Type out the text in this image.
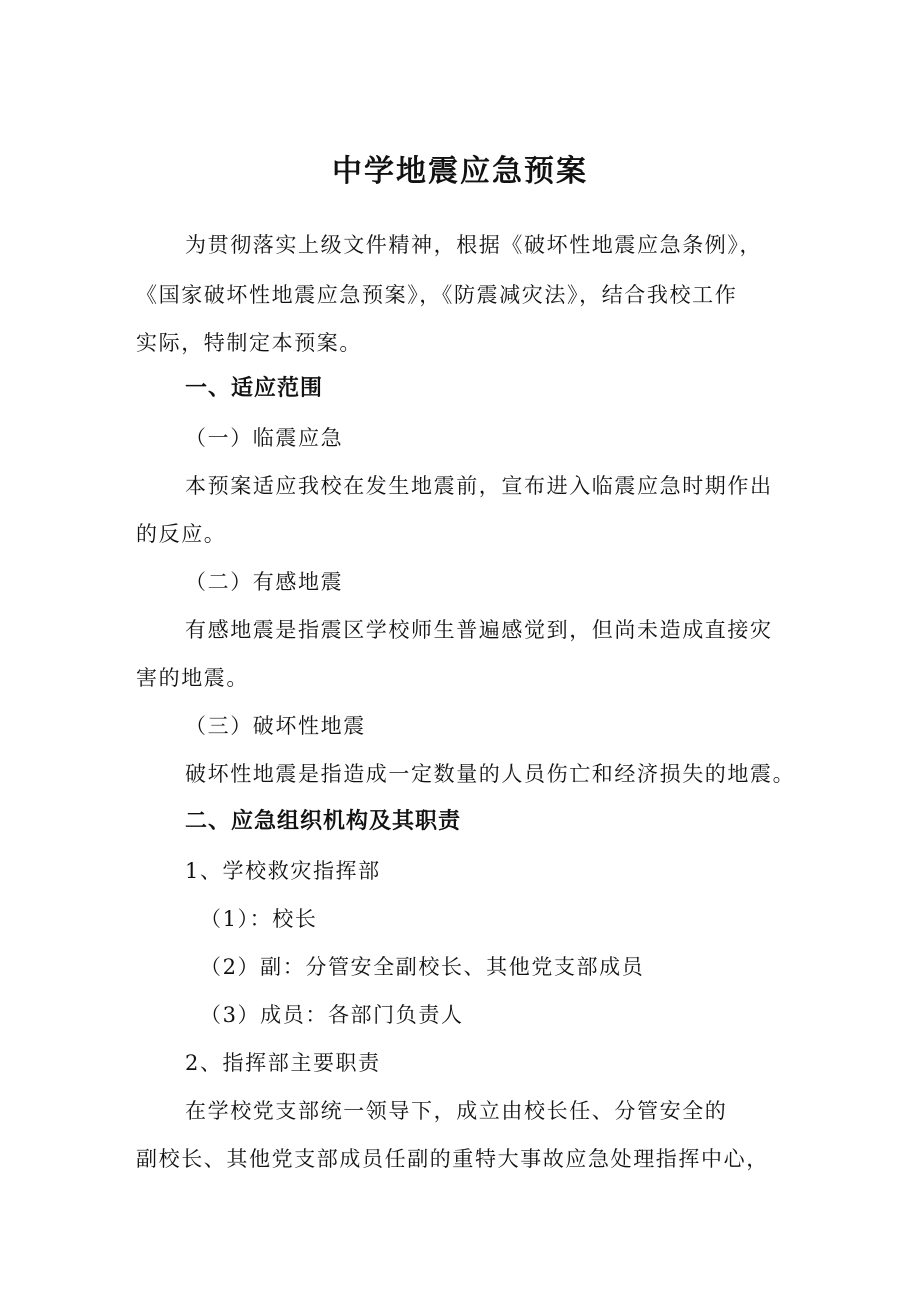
中学地震应急预案
为贯彻落实上级文件精神，根据《破坏性地震应急条例》，
《国家破坏性地震应急预案》，《防震减灾法》，结合我校工作
实际，特制定本预案。
一、适应范围
（一）临震应急
本预案适应我校在发生地震前，宣布进入临震应急时期作出
的反应。
（二）有感地震
有感地震是指震区学校师生普遍感觉到，但尚未造成直接灾
害的地震。
（三）破坏性地震
破坏性地震是指造成一定数量的人员伤亡和经济损失的地震。
二、应急组织机构及其职责
1、学校救灾指挥部
（1）：校长
（2）副：分管安全副校长、其他党支部成员
（3）成员：各部门负责人
2、指挥部主要职责
在学校党支部统一领导下，成立由校长任、分管安全的
副校长、其他党支部成员任副的重特大事故应急处理指挥中心，
